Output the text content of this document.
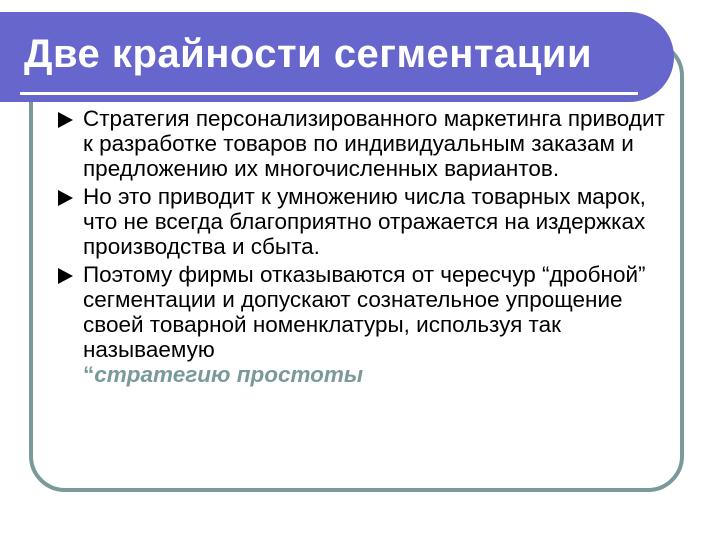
Две крайности сегментации
Стратегия персонализированного маркетинга приводит к разработке товаров по индивидуальным заказам и предложению их многочисленных вариантов.
Но это приводит к умножению числа товарных марок, что не всегда благоприятно отражается на издержках производства и сбыта.
Поэтому фирмы отказываются от чересчур “дробной” сегментации и допускают сознательное упрощение своей товарной номенклатуры, используя так называемую
“стратегию простоты
